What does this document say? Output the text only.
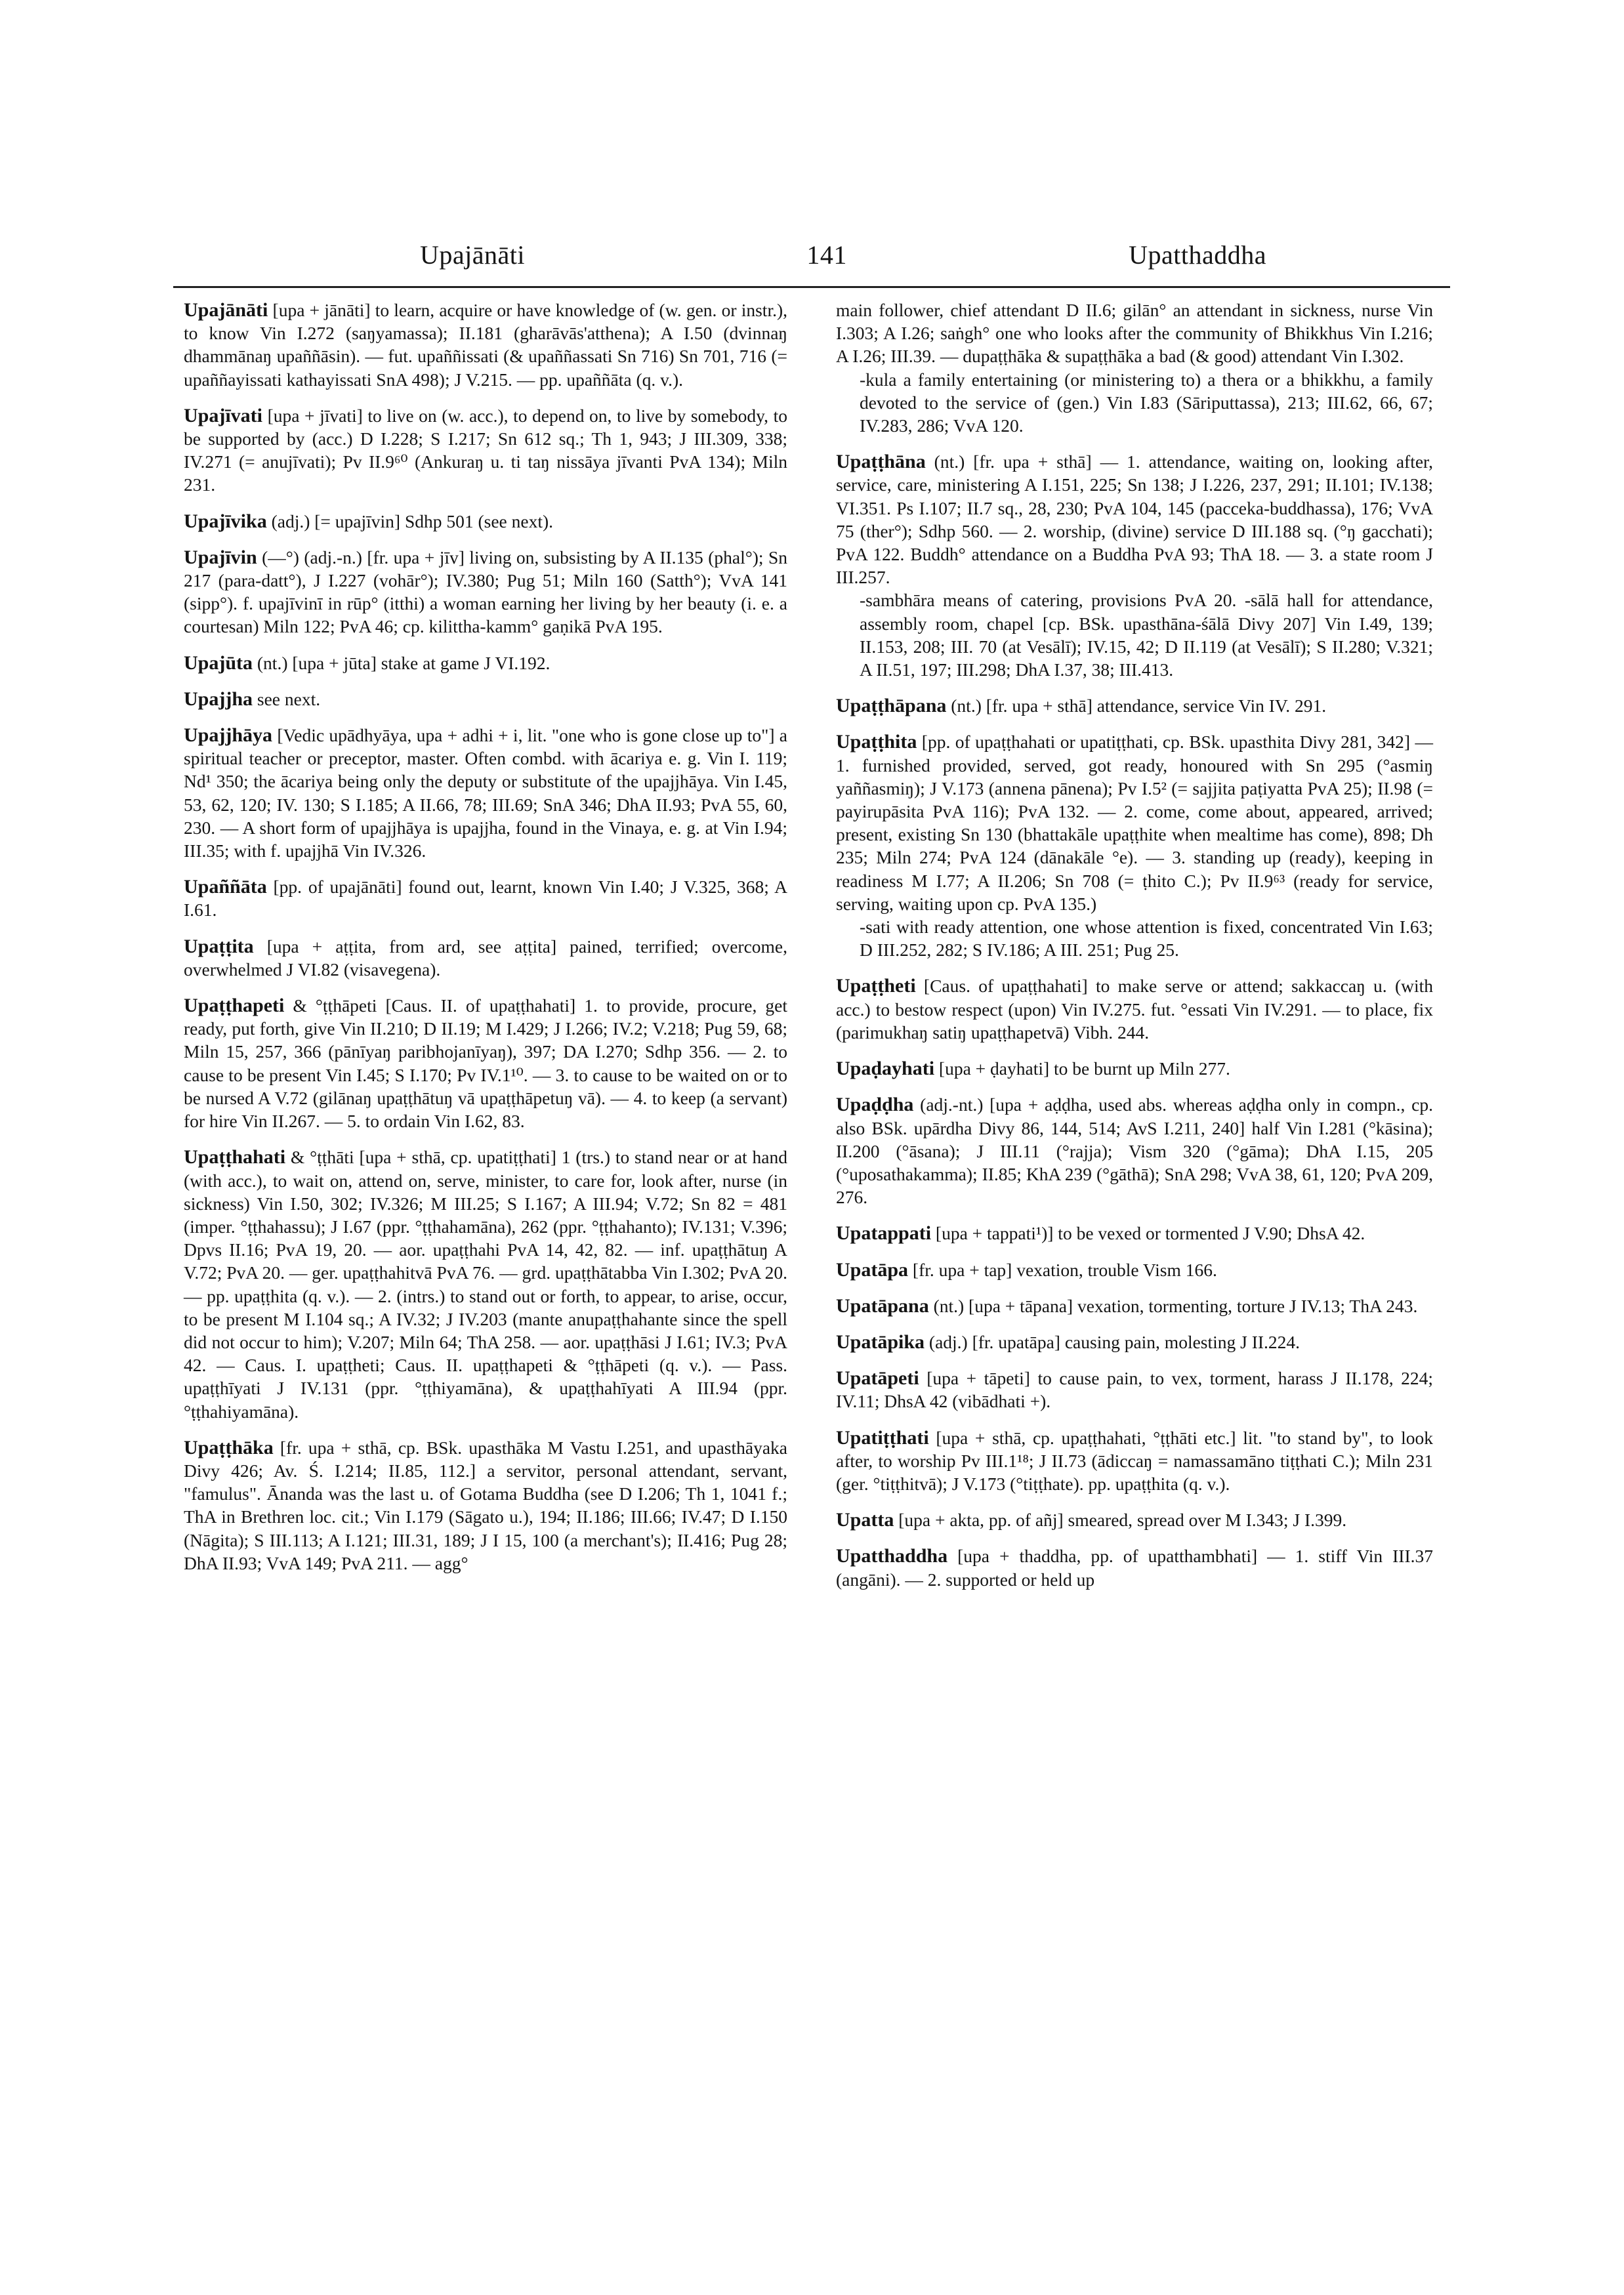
Upajānāti	141	Upatthaddha
Upajānāti [upa + jānāti] to learn, acquire or have knowledge of (w. gen. or instr.), to know Vin I.272 (saŋyamassa); II.181 (gharāvās'atthena); A I.50 (dvinnaŋ dhammānaŋ upaññāsin). — fut. upaññissati (& upaññassati Sn 716) Sn 701, 716 (= upaññayissati kathayissati SnA 498); J V.215. — pp. upaññāta (q. v.).
Upajīvati [upa + jīvati] to live on (w. acc.), to depend on, to live by somebody, to be supported by (acc.) D I.228; S I.217; Sn 612 sq.; Th 1, 943; J III.309, 338; IV.271 (= anujīvati); Pv II.9⁶⁰ (Ankuraŋ u. ti taŋ nissāya jīvanti PvA 134); Miln 231.
Upajīvika (adj.) [= upajīvin] Sdhp 501 (see next).
Upajīvin (—°) (adj.-n.) [fr. upa + jīv] living on, subsisting by A II.135 (phal°); Sn 217 (para-datt°), J I.227 (vohār°); IV.380; Pug 51; Miln 160 (Satth°); VvA 141 (sipp°). f. upajīvinī in rūp° (itthi) a woman earning her living by her beauty (i. e. a courtesan) Miln 122; PvA 46; cp. kilittha-kamm° gaṇikā PvA 195.
Upajūta (nt.) [upa + jūta] stake at game J VI.192.
Upajjha see next.
Upajjhāya [Vedic upādhyāya, upa + adhi + i, lit. "one who is gone close up to"] a spiritual teacher or preceptor, master. Often combd. with ācariya e. g. Vin I. 119; Nd¹ 350; the ācariya being only the deputy or substitute of the upajjhāya. Vin I.45, 53, 62, 120; IV. 130; S I.185; A II.66, 78; III.69; SnA 346; DhA II.93; PvA 55, 60, 230. — A short form of upajjhāya is upajjha, found in the Vinaya, e. g. at Vin I.94; III.35; with f. upajjhā Vin IV.326.
Upaññāta [pp. of upajānāti] found out, learnt, known Vin I.40; J V.325, 368; A I.61.
Upaṭṭita [upa + aṭṭita, from ard, see aṭṭita] pained, terrified; overcome, overwhelmed J VI.82 (visavegena).
Upaṭṭhapeti & °ṭṭhāpeti [Caus. II. of upaṭṭhahati] 1. to provide, procure, get ready, put forth, give Vin II.210; D II.19; M I.429; J I.266; IV.2; V.218; Pug 59, 68; Miln 15, 257, 366 (pānīyaŋ paribhojanīyaŋ), 397; DA I.270; Sdhp 356. — 2. to cause to be present Vin I.45; S I.170; Pv IV.1¹⁰. — 3. to cause to be waited on or to be nursed A V.72 (gilānaŋ upaṭṭhātuŋ vā upaṭṭhāpetuŋ vā). — 4. to keep (a servant) for hire Vin II.267. — 5. to ordain Vin I.62, 83.
Upaṭṭhahati & °ṭṭhāti [upa + sthā, cp. upatiṭṭhati] 1 (trs.) to stand near or at hand (with acc.), to wait on, attend on, serve, minister, to care for, look after, nurse (in sickness) Vin I.50, 302; IV.326; M III.25; S I.167; A III.94; V.72; Sn 82 = 481 (imper. °ṭṭhahassu); J I.67 (ppr. °ṭṭhahamāna), 262 (ppr. °ṭṭhahanto); IV.131; V.396; Dpvs II.16; PvA 19, 20. — aor. upaṭṭhahi PvA 14, 42, 82. — inf. upaṭṭhātuŋ A V.72; PvA 20. — ger. upaṭṭhahitvā PvA 76. — grd. upaṭṭhātabba Vin I.302; PvA 20. — pp. upaṭṭhita (q. v.). — 2. (intrs.) to stand out or forth, to appear, to arise, occur, to be present M I.104 sq.; A IV.32; J IV.203 (mante anupaṭṭhahante since the spell did not occur to him); V.207; Miln 64; ThA 258. — aor. upaṭṭhāsi J I.61; IV.3; PvA 42. — Caus. I. upaṭṭheti; Caus. II. upaṭṭhapeti & °ṭṭhāpeti (q. v.). — Pass. upaṭṭhīyati J IV.131 (ppr. °ṭṭhiyamāna), & upaṭṭhahīyati A III.94 (ppr. °ṭṭhahiyamāna).
Upaṭṭhāka [fr. upa + sthā, cp. BSk. upasthāka M Vastu I.251, and upasthāyaka Divy 426; Av. Ś. I.214; II.85, 112.] a servitor, personal attendant, servant, "famulus". Ānanda was the last u. of Gotama Buddha (see D I.206; Th 1, 1041 f.; ThA in Brethren loc. cit.; Vin I.179 (Sāgato u.), 194; II.186; III.66; IV.47; D I.150 (Nāgita); S III.113; A I.121; III.31, 189; J I 15, 100 (a merchant's); II.416; Pug 28; DhA II.93; VvA 149; PvA 211. — agg°
main follower, chief attendant D II.6; gilān° an attendant in sickness, nurse Vin I.303; A I.26; saṅgh° one who looks after the community of Bhikkhus Vin I.216; A I.26; III.39. — dupaṭṭhāka & supaṭṭhāka a bad (& good) attendant Vin I.302.
-kula a family entertaining (or ministering to) a thera or a bhikkhu, a family devoted to the service of (gen.) Vin I.83 (Sāriputtassa), 213; III.62, 66, 67; IV.283, 286; VvA 120.
Upaṭṭhāna (nt.) [fr. upa + sthā] — 1. attendance, waiting on, looking after, service, care, ministering A I.151, 225; Sn 138; J I.226, 237, 291; II.101; IV.138; VI.351. Ps I.107; II.7 sq., 28, 230; PvA 104, 145 (pacceka-buddhassa), 176; VvA 75 (ther°); Sdhp 560. — 2. worship, (divine) service D III.188 sq. (°ŋ gacchati); PvA 122. Buddh° attendance on a Buddha PvA 93; ThA 18. — 3. a state room J III.257.
-sambhāra means of catering, provisions PvA 20. -sālā hall for attendance, assembly room, chapel [cp. BSk. upasthāna-śālā Divy 207] Vin I.49, 139; II.153, 208; III. 70 (at Vesālī); IV.15, 42; D II.119 (at Vesālī); S II.280; V.321; A II.51, 197; III.298; DhA I.37, 38; III.413.
Upaṭṭhāpana (nt.) [fr. upa + sthā] attendance, service Vin IV. 291.
Upaṭṭhita [pp. of upaṭṭhahati or upatiṭṭhati, cp. BSk. upasthita Divy 281, 342] — 1. furnished provided, served, got ready, honoured with Sn 295 (°asmiŋ yaññasmiŋ); J V.173 (annena pānena); Pv I.5² (= sajjita paṭiyatta PvA 25); II.98 (= payirupāsita PvA 116); PvA 132. — 2. come, come about, appeared, arrived; present, existing Sn 130 (bhattakāle upaṭṭhite when mealtime has come), 898; Dh 235; Miln 274; PvA 124 (dānakāle °e). — 3. standing up (ready), keeping in readiness M I.77; A II.206; Sn 708 (= ṭhito C.); Pv II.9⁶³ (ready for service, serving, waiting upon cp. PvA 135.)
-sati with ready attention, one whose attention is fixed, concentrated Vin I.63; D III.252, 282; S IV.186; A III. 251; Pug 25.
Upaṭṭheti [Caus. of upaṭṭhahati] to make serve or attend; sakkaccaŋ u. (with acc.) to bestow respect (upon) Vin IV.275. fut. °essati Vin IV.291. — to place, fix (parimukhaŋ satiŋ upaṭṭhapetvā) Vibh. 244.
Upaḍayhati [upa + ḍayhati] to be burnt up Miln 277.
Upaḍḍha (adj.-nt.) [upa + aḍḍha, used abs. whereas aḍḍha only in compn., cp. also BSk. upārdha Divy 86, 144, 514; AvS I.211, 240] half Vin I.281 (°kāsina); II.200 (°āsana); J III.11 (°rajja); Vism 320 (°gāma); DhA I.15, 205 (°uposathakamma); II.85; KhA 239 (°gāthā); SnA 298; VvA 38, 61, 120; PvA 209, 276.
Upatappati [upa + tappati¹)] to be vexed or tormented J V.90; DhsA 42.
Upatāpa [fr. upa + tap] vexation, trouble Vism 166.
Upatāpana (nt.) [upa + tāpana] vexation, tormenting, torture J IV.13; ThA 243.
Upatāpika (adj.) [fr. upatāpa] causing pain, molesting J II.224.
Upatāpeti [upa + tāpeti] to cause pain, to vex, torment, harass J II.178, 224; IV.11; DhsA 42 (vibādhati +).
Upatiṭṭhati [upa + sthā, cp. upaṭṭhahati, °ṭṭhāti etc.] lit. "to stand by", to look after, to worship Pv III.1¹⁸; J II.73 (ādiccaŋ = namassamāno tiṭṭhati C.); Miln 231 (ger. °tiṭṭhitvā); J V.173 (°tiṭṭhate). pp. upaṭṭhita (q. v.).
Upatta [upa + akta, pp. of añj] smeared, spread over M I.343; J I.399.
Upatthaddha [upa + thaddha, pp. of upatthambhati] — 1. stiff Vin III.37 (angāni). — 2. supported or held up
